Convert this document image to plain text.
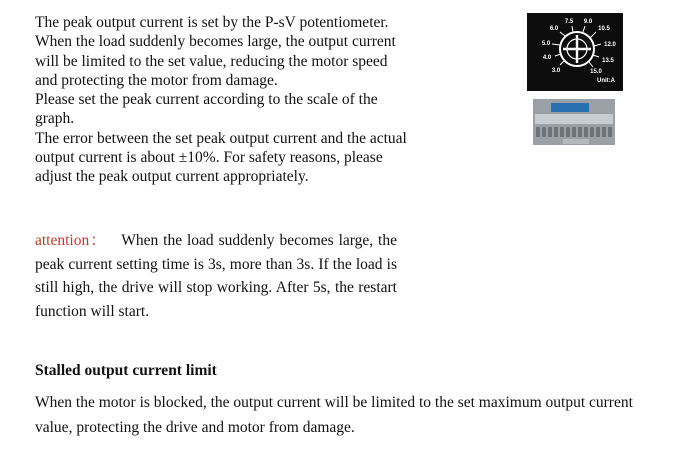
The peak output current is set by the P-sV potentiometer. When the load suddenly becomes large, the output current will be limited to the set value, reducing the motor speed and protecting the motor from damage.
Please set the peak current according to the scale of the graph.
The error between the set peak output current and the actual output current is about ±10%. For safety reasons, please adjust the peak output current appropriately.

attention： When the load suddenly becomes large, the peak current setting time is 3s, more than 3s. If the load is still high, the drive will stop working. After 5s, the restart function will start.

Stalled output current limit

When the motor is blocked, the output current will be limited to the set maximum output current value, protecting the drive and motor from damage.

3.0
4.0
5.0
6.0
7.5 9.0
10.5
12.0
13.5
15.0
Unit:A
